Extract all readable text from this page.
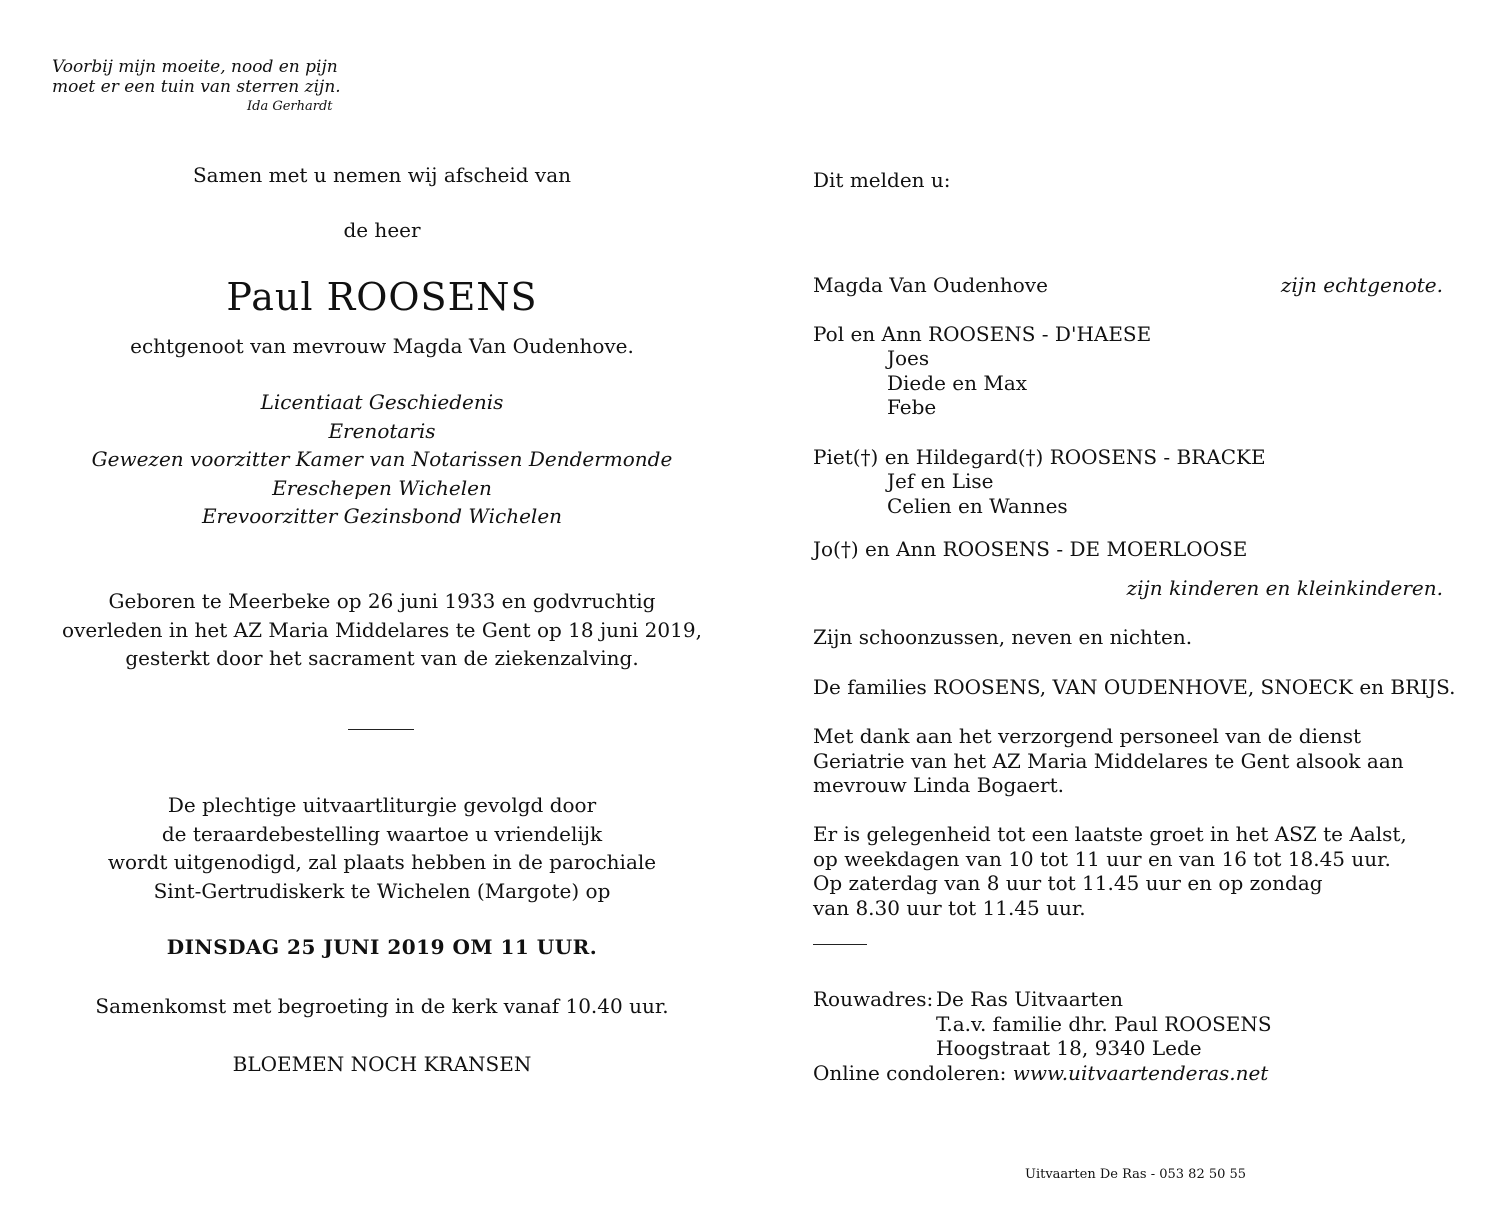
Voorbij mijn moeite, nood en pijn
moet er een tuin van sterren zijn.
Ida Gerhardt
Samen met u nemen wij afscheid van
de heer
Paul ROOSENS
echtgenoot van mevrouw Magda Van Oudenhove.
Licentiaat Geschiedenis
Erenotaris
Gewezen voorzitter Kamer van Notarissen Dendermonde
Ereschepen Wichelen
Erevoorzitter Gezinsbond Wichelen
Geboren te Meerbeke op 26 juni 1933 en godvruchtig
overleden in het AZ Maria Middelares te Gent op 18 juni 2019,
gesterkt door het sacrament van de ziekenzalving.
De plechtige uitvaartliturgie gevolgd door
de teraardebestelling waartoe u vriendelijk
wordt uitgenodigd, zal plaats hebben in de parochiale
Sint-Gertrudiskerk te Wichelen (Margote) op
DINSDAG 25 JUNI 2019 OM 11 UUR.
Samenkomst met begroeting in de kerk vanaf 10.40 uur.
BLOEMEN NOCH KRANSEN
Dit melden u:
Magda Van Oudenhove	zijn echtgenote.
Pol en Ann ROOSENS - D'HAESE
Joes
Diede en Max
Febe
Piet(†) en Hildegard(†) ROOSENS - BRACKE
Jef en Lise
Celien en Wannes
Jo(†) en Ann ROOSENS - DE MOERLOOSE
zijn kinderen en kleinkinderen.
Zijn schoonzussen, neven en nichten.
De families ROOSENS, VAN OUDENHOVE, SNOECK en BRIJS.
Met dank aan het verzorgend personeel van de dienst
Geriatrie van het AZ Maria Middelares te Gent alsook aan
mevrouw Linda Bogaert.
Er is gelegenheid tot een laatste groet in het ASZ te Aalst,
op weekdagen van 10 tot 11 uur en van 16 tot 18.45 uur.
Op zaterdag van 8 uur tot 11.45 uur en op zondag
van 8.30 uur tot 11.45 uur.
Rouwadres: De Ras Uitvaarten
T.a.v. familie dhr. Paul ROOSENS
Hoogstraat 18, 9340 Lede
Online condoleren: www.uitvaartenderas.net
Uitvaarten De Ras - 053 82 50 55
